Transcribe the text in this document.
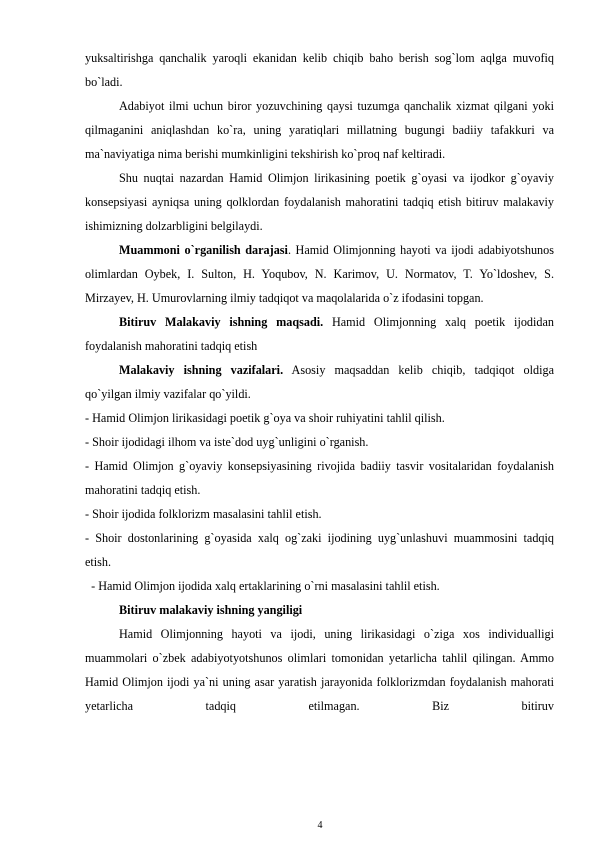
yuksaltirishga qanchalik yaroqli ekanidan kelib chiqib baho berish sog`lom aqlga muvofiq bo`ladi.

Adabiyot ilmi uchun biror yozuvchining qaysi tuzumga qanchalik xizmat qilgani yoki qilmaganini aniqlashdan ko`ra, uning yaratiqlari millatning bugungi badiiy tafakkuri va ma`naviyatiga nima berishi mumkinligini tekshirish ko`proq naf keltiradi.

Shu nuqtai nazardan Hamid Olimjon lirikasining poetik g`oyasi va ijodkor g`oyaviy konsepsiyasi ayniqsa uning qolklordan foydalanish mahoratini tadqiq etish bitiruv malakaviy ishimizning dolzarbligini belgilaydi.

Muammoni o`rganilish darajasi. Hamid Olimjonning hayoti va ijodi adabiyotshunos olimlardan Oybek, I. Sulton, H. Yoqubov, N. Karimov, U. Normatov, T. Yo`ldoshev, S. Mirzayev, H. Umurovlarning ilmiy tadqiqot va maqolalarida o`z ifodasini topgan.

Bitiruv Malakaviy ishning maqsadi. Hamid Olimjonning xalq poetik ijodidan foydalanish mahoratini tadqiq etish

Malakaviy ishning vazifalari. Asosiy maqsaddan kelib chiqib, tadqiqot oldiga qo`yilgan ilmiy vazifalar qo`yildi.

- Hamid Olimjon lirikasidagi poetik g`oya va shoir ruhiyatini tahlil qilish.

- Shoir ijodidagi ilhom va iste`dod uyg`unligini o`rganish.

- Hamid Olimjon g`oyaviy konsepsiyasining rivojida badiiy tasvir vositalaridan foydalanish mahoratini tadqiq etish.

- Shoir ijodida folklorizm masalasini tahlil etish.

- Shoir dostonlarining g`oyasida xalq og`zaki ijodining uyg`unlashuvi muammosini tadqiq etish.

- Hamid Olimjon ijodida xalq ertaklarining o`rni masalasini tahlil etish.

Bitiruv malakaviy ishning yangiligi

Hamid Olimjonning hayoti va ijodi, uning lirikasidagi o`ziga xos individualligi muammolari o`zbek adabiyotyotshunos olimlari tomonidan yetarlicha tahlil qilingan. Ammo Hamid Olimjon ijodi ya`ni uning asar yaratish jarayonida folklorizmdan foydalanish mahorati yetarlicha tadqiq etilmagan. Biz bitiruv

4
